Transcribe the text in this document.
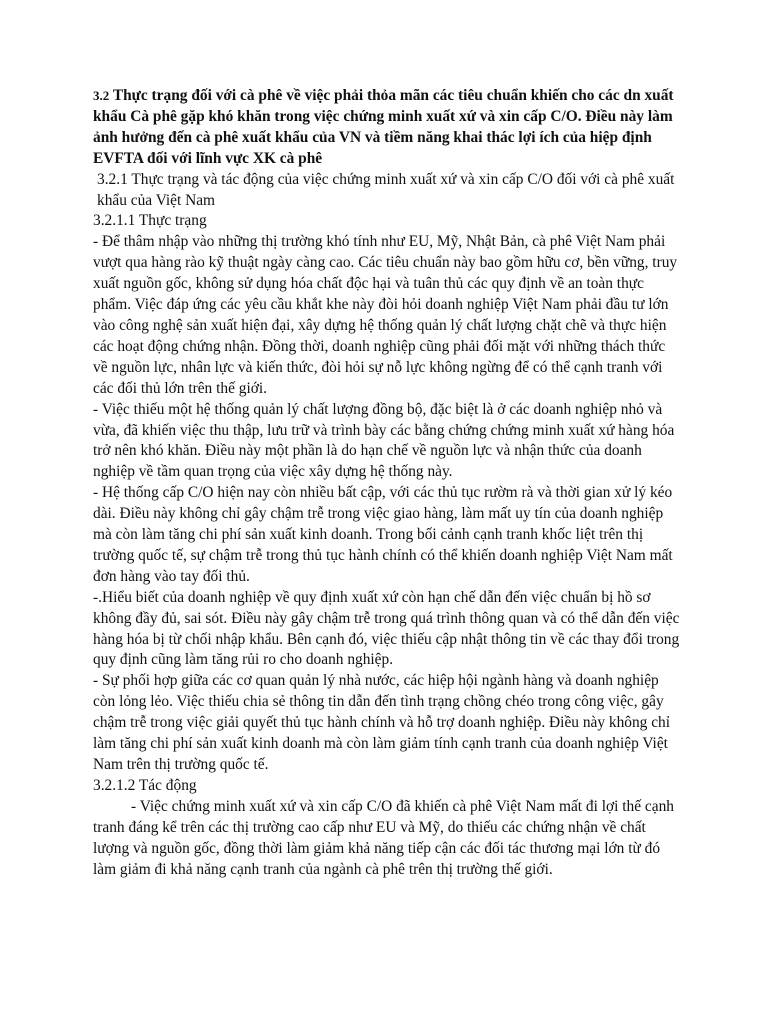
3.2 Thực trạng đối với cà phê về việc phải thỏa mãn các tiêu chuẩn khiến cho các dn xuất khẩu Cà phê gặp khó khăn trong việc chứng minh xuất xứ và xin cấp C/O. Điều này làm ảnh hưởng đến cà phê xuất khẩu của VN và tiềm năng khai thác lợi ích của hiệp định EVFTA đối với lĩnh vực XK cà phê

3.2.1 Thực trạng và tác động của việc chứng minh xuất xứ và xin cấp C/O đối với cà phê xuất khẩu của Việt Nam

3.2.1.1 Thực trạng

- Để thâm nhập vào những thị trường khó tính như EU, Mỹ, Nhật Bản, cà phê Việt Nam phải vượt qua hàng rào kỹ thuật ngày càng cao. Các tiêu chuẩn này bao gồm hữu cơ, bền vững, truy xuất nguồn gốc, không sử dụng hóa chất độc hại và tuân thủ các quy định về an toàn thực phẩm. Việc đáp ứng các yêu cầu khắt khe này đòi hỏi doanh nghiệp Việt Nam phải đầu tư lớn vào công nghệ sản xuất hiện đại, xây dựng hệ thống quản lý chất lượng chặt chẽ và thực hiện các hoạt động chứng nhận. Đồng thời, doanh nghiệp cũng phải đối mặt với những thách thức về nguồn lực, nhân lực và kiến thức, đòi hỏi sự nỗ lực không ngừng để có thể cạnh tranh với các đối thủ lớn trên thế giới.

- Việc thiếu một hệ thống quản lý chất lượng đồng bộ, đặc biệt là ở các doanh nghiệp nhỏ và vừa, đã khiến việc thu thập, lưu trữ và trình bày các bằng chứng chứng minh xuất xứ hàng hóa trở nên khó khăn. Điều này một phần là do hạn chế về nguồn lực và nhận thức của doanh nghiệp về tầm quan trọng của việc xây dựng hệ thống này.

- Hệ thống cấp C/O hiện nay còn nhiều bất cập, với các thủ tục rườm rà và thời gian xử lý kéo dài. Điều này không chỉ gây chậm trễ trong việc giao hàng, làm mất uy tín của doanh nghiệp mà còn làm tăng chi phí sản xuất kinh doanh. Trong bối cảnh cạnh tranh khốc liệt trên thị trường quốc tế, sự chậm trễ trong thủ tục hành chính có thể khiến doanh nghiệp Việt Nam mất đơn hàng vào tay đối thủ.

-.Hiểu biết của doanh nghiệp về quy định xuất xứ còn hạn chế dẫn đến việc chuẩn bị hồ sơ không đầy đủ, sai sót. Điều này gây chậm trễ trong quá trình thông quan và có thể dẫn đến việc hàng hóa bị từ chối nhập khẩu. Bên cạnh đó, việc thiếu cập nhật thông tin về các thay đổi trong quy định cũng làm tăng rủi ro cho doanh nghiệp.

- Sự phối hợp giữa các cơ quan quản lý nhà nước, các hiệp hội ngành hàng và doanh nghiệp còn lỏng lẻo. Việc thiếu chia sẻ thông tin dẫn đến tình trạng chồng chéo trong công việc, gây chậm trễ trong việc giải quyết thủ tục hành chính và hỗ trợ doanh nghiệp. Điều này không chỉ làm tăng chi phí sản xuất kinh doanh mà còn làm giảm tính cạnh tranh của doanh nghiệp Việt Nam trên thị trường quốc tế.

3.2.1.2 Tác động

- Việc chứng minh xuất xứ và xin cấp C/O đã khiến cà phê Việt Nam mất đi lợi thế cạnh tranh đáng kể trên các thị trường cao cấp như EU và Mỹ, do thiếu các chứng nhận về chất lượng và nguồn gốc, đồng thời làm giảm khả năng tiếp cận các đối tác thương mại lớn từ đó làm giảm đi khả năng cạnh tranh của ngành cà phê trên thị trường thế giới.
